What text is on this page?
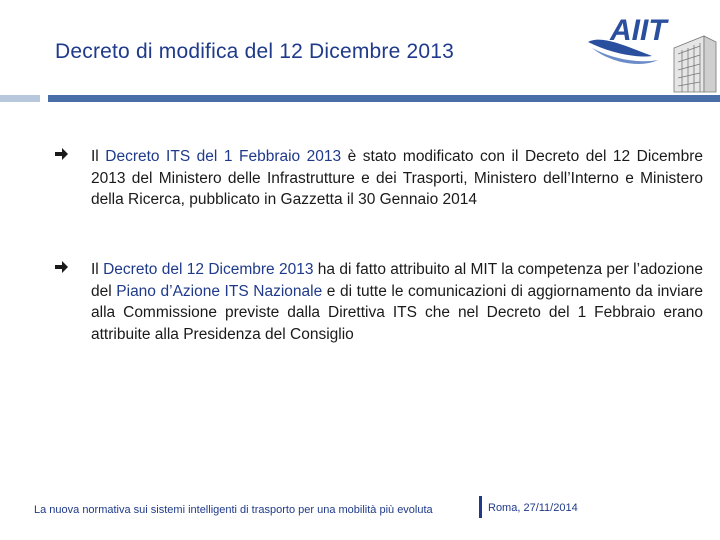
Decreto di modifica del 12 Dicembre 2013
AIIT
Il Decreto ITS del 1 Febbraio 2013 è stato modificato con il Decreto del 12 Dicembre 2013 del Ministero delle Infrastrutture e dei Trasporti, Ministero dell’Interno e Ministero della Ricerca, pubblicato in Gazzetta il 30 Gennaio 2014
Il Decreto del 12 Dicembre 2013 ha di fatto attribuito al MIT la competenza per l’adozione del Piano d’Azione ITS Nazionale e di tutte le comunicazioni di aggiornamento da inviare alla Commissione previste dalla Direttiva ITS che nel Decreto del 1 Febbraio erano attribuite alla Presidenza del Consiglio
La nuova normativa sui sistemi intelligenti di trasporto per una mobilità più evoluta	Roma, 27/11/2014
